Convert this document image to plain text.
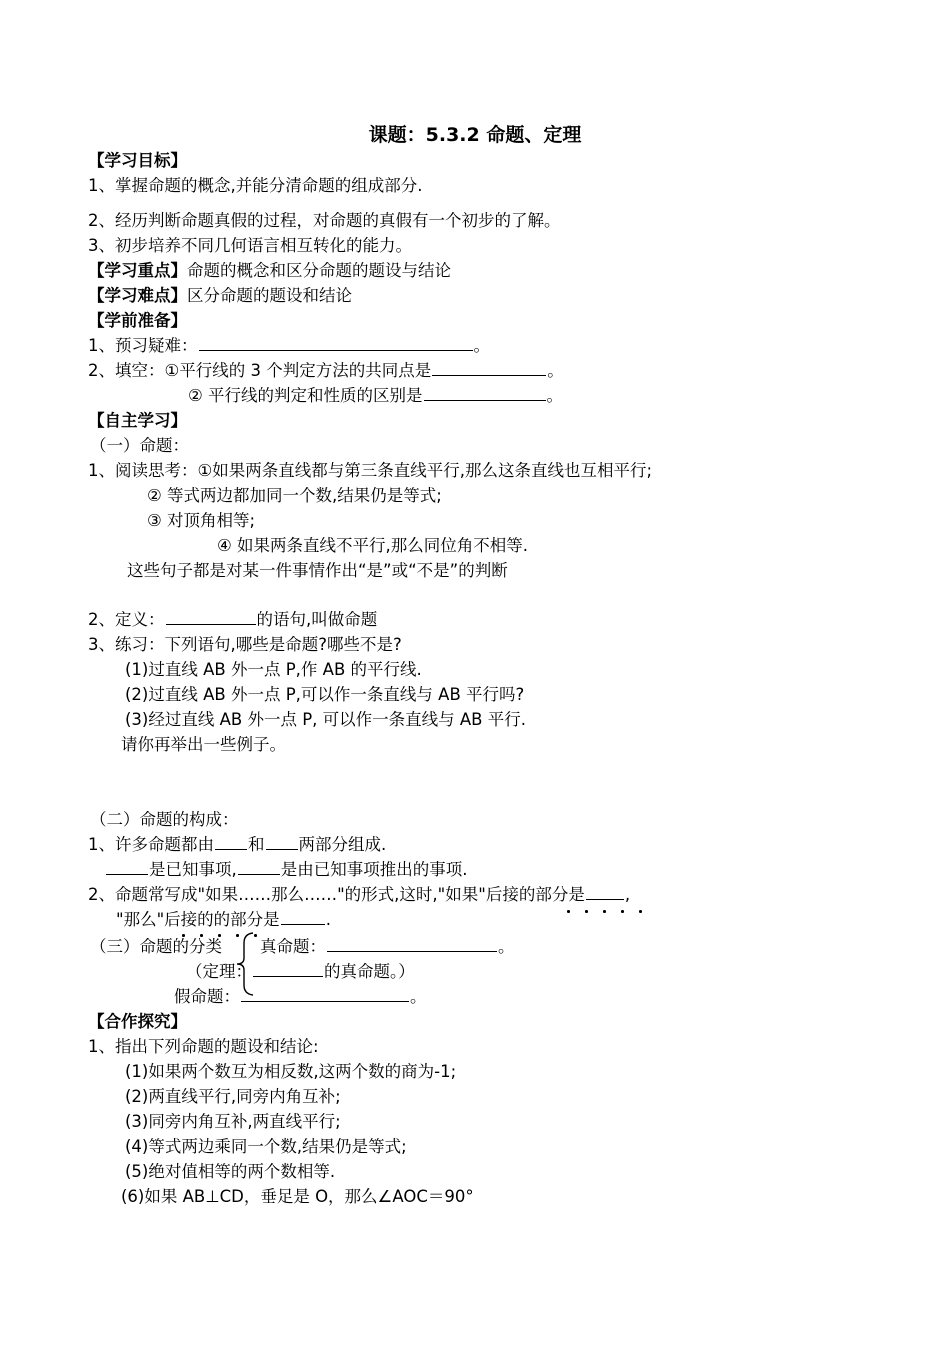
课题：5.3.2 命题、定理
【学习目标】
1、掌握命题的概念,并能分清命题的组成部分.
2、经历判断命题真假的过程，对命题的真假有一个初步的了解。
3、初步培养不同几何语言相互转化的能力。
【学习重点】命题的概念和区分命题的题设与结论
【学习难点】区分命题的题设和结论
【学前准备】
1、预习疑难：	。
2、填空：①平行线的 3 个判定方法的共同点是	。
② 平行线的判定和性质的区别是	。
【自主学习】
（一）命题：
1、阅读思考：①如果两条直线都与第三条直线平行,那么这条直线也互相平行;
② 等式两边都加同一个数,结果仍是等式;
③ 对顶角相等;
④ 如果两条直线不平行,那么同位角不相等.
这些句子都是对某一件事情作出“是”或“不是”的判断
2、定义：	的语句,叫做命题
3、练习：下列语句,哪些是命题?哪些不是?
(1)过直线 AB 外一点 P,作 AB 的平行线.
(2)过直线 AB 外一点 P,可以作一条直线与 AB 平行吗?
(3)经过直线 AB 外一点 P, 可以作一条直线与 AB 平行.
请你再举出一些例子。
（二）命题的构成：
1、许多命题都由 和 两部分组成.
是已知事项,	是由已知事项推出的事项.
2、命题常写成"如果……那么……"的形式,这时,"如果"后接的部分是 ,
"那么"后接的的部分是	.
（三）命题的分类 真命题：	。
（定理：	的真命题。）
假命题：	。
【合作探究】
1、指出下列命题的题设和结论:
(1)如果两个数互为相反数,这两个数的商为-1;
(2)两直线平行,同旁内角互补;
(3)同旁内角互补,两直线平行;
(4)等式两边乘同一个数,结果仍是等式;
(5)绝对值相等的两个数相等.
(6)如果 AB⊥CD，垂足是 O，那么∠AOC＝90°
